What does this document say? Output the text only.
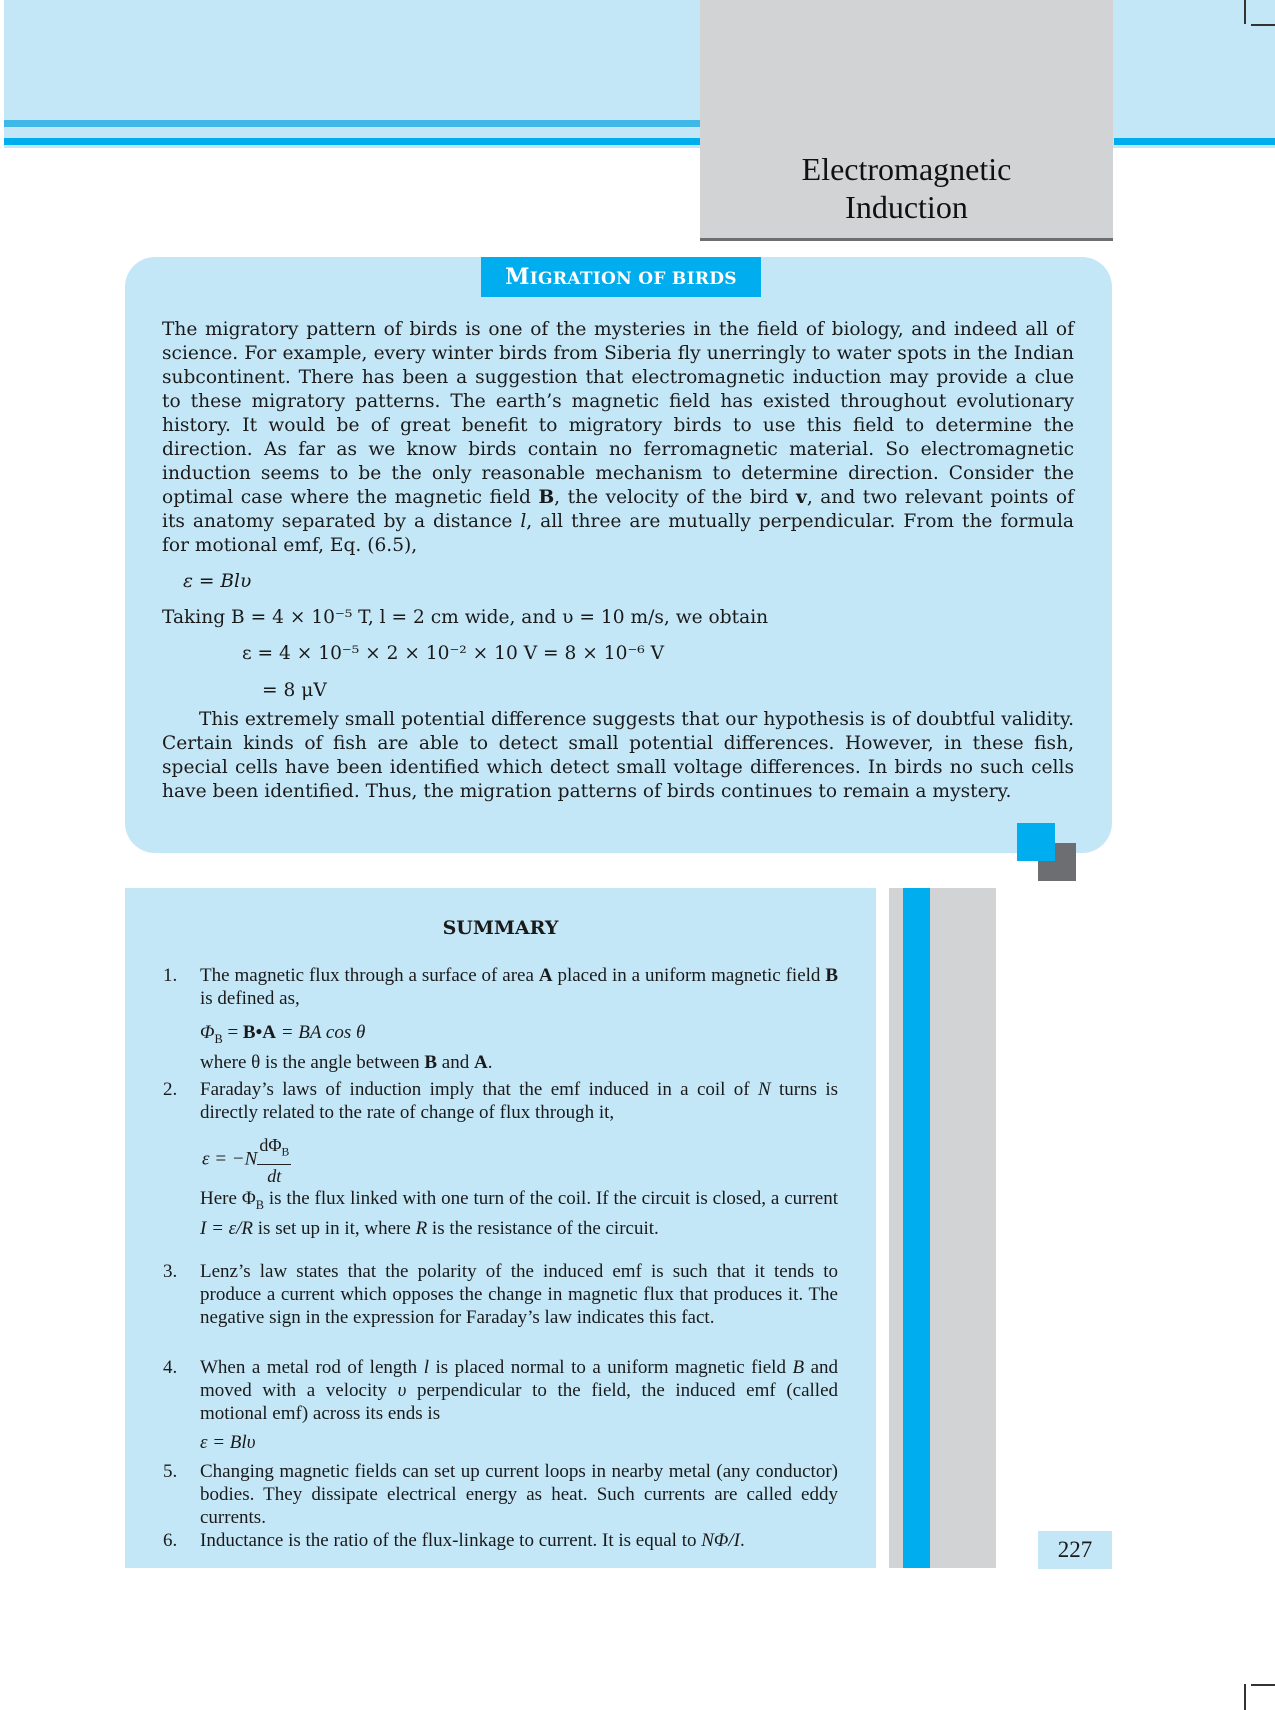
Electromagnetic
Induction
MIGRATION OF BIRDS

The migratory pattern of birds is one of the mysteries in the field of biology, and indeed all of science. For example, every winter birds from Siberia fly unerringly to water spots in the Indian subcontinent. There has been a suggestion that electromagnetic induction may provide a clue to these migratory patterns. The earth’s magnetic field has existed throughout evolutionary history. It would be of great benefit to migratory birds to use this field to determine the direction. As far as we know birds contain no ferromagnetic material. So electromagnetic induction seems to be the only reasonable mechanism to determine direction. Consider the optimal case where the magnetic field B, the velocity of the bird v, and two relevant points of its anatomy separated by a distance l, all three are mutually perpendicular. From the formula for motional emf, Eq. (6.5),

ε = Blυ
Taking B = 4 × 10⁻⁵ T, l = 2 cm wide, and υ = 10 m/s, we obtain
ε = 4 × 10⁻⁵ × 2 × 10⁻² × 10 V = 8 × 10⁻⁶ V
= 8 μV

This extremely small potential difference suggests that our hypothesis is of doubtful validity. Certain kinds of fish are able to detect small potential differences. However, in these fish, special cells have been identified which detect small voltage differences. In birds no such cells have been identified. Thus, the migration patterns of birds continues to remain a mystery.

SUMMARY
1. The magnetic flux through a surface of area A placed in a uniform magnetic field B is defined as,
$\Phi_B$ = B•A = BA cos θ
where θ is the angle between B and A.
2. Faraday’s laws of induction imply that the emf induced in a coil of N turns is directly related to the rate of change of flux through it,
$\varepsilon = -N \frac{d\Phi_B}{dt}$
Here $\Phi_B$ is the flux linked with one turn of the coil. If the circuit is closed, a current I = ε/R is set up in it, where R is the resistance of the circuit.
3. Lenz’s law states that the polarity of the induced emf is such that it tends to produce a current which opposes the change in magnetic flux that produces it. The negative sign in the expression for Faraday’s law indicates this fact.
4. When a metal rod of length l is placed normal to a uniform magnetic field B and moved with a velocity υ perpendicular to the field, the induced emf (called motional emf) across its ends is
ε = Blυ
5. Changing magnetic fields can set up current loops in nearby metal (any conductor) bodies. They dissipate electrical energy as heat. Such currents are called eddy currents.
6. Inductance is the ratio of the flux-linkage to current. It is equal to NΦ/I.	227
